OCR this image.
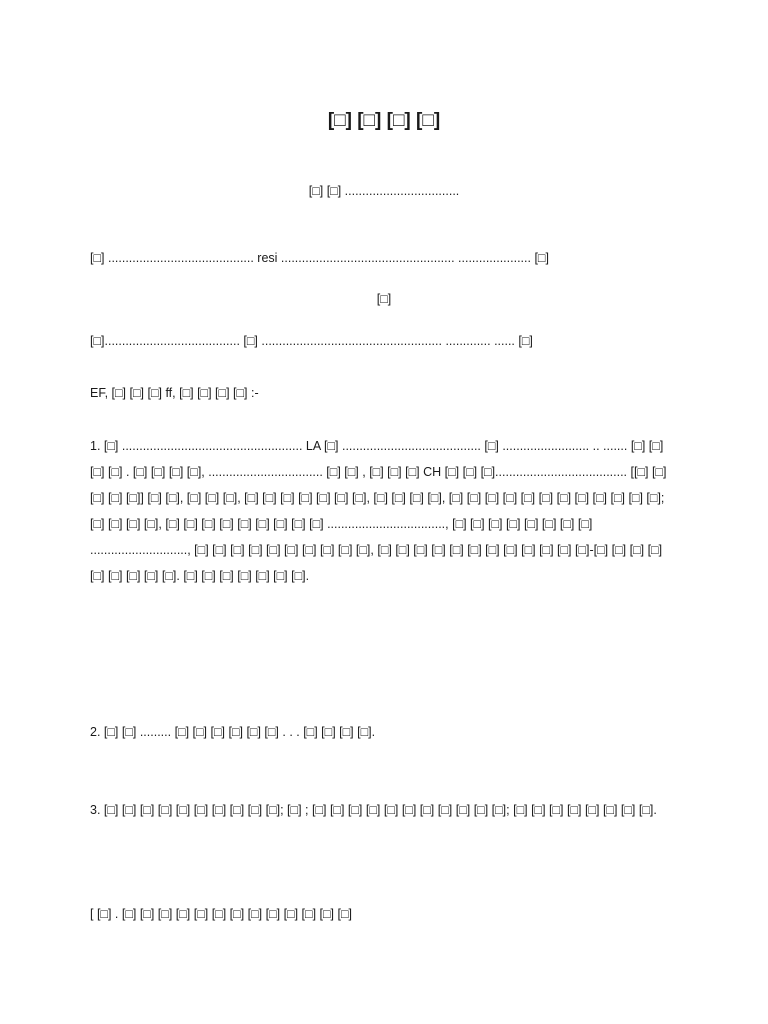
[□] [□] [□] [□]
[□] [□] .................................
[□] .......................................... resi .................................................. ..................... [□]
[□]
[□]....................................... [□] .................................................... ............. ...... [□]
EF, [□] [□] [□] ff, [□] [□] [□] [□] :-

1. [□] .................................................... LA [□] ........................................ [□] ......................... .. ....... [□] [□] [□] [□] . [□] [□] [□] [□], ................................. [□] [□] , [□] [□] [□] CH [□] [□] [□]...................................... [[□] [□] [□] [□] [□]] [□] [□], [□] [□] [□], [□] [□] [□] [□] [□] [□] [□], [□] [□] [□] [□], [□] [□] [□] [□] [□] [□] [□] [□] [□] [□] [□] [□]; [□] [□] [□] [□], [□] [□] [□] [□] [□] [□] [□] [□] [□] .................................., [□] [□] [□] [□] [□] [□] [□] [□] ............................, [□] [□] [□] [□] [□] [□] [□] [□] [□] [□], [□] [□] [□] [□] [□] [□] [□] [□] [□] [□] [□] [□]-[□] [□] [□] [□] [□] [□] [□] [□] [□]. [□] [□] [□] [□] [□] [□] [□].

2. [□] [□] ......... [□] [□] [□] [□] [□] [□] . . . [□] [□] [□] [□].

3. [□] [□] [□] [□] [□] [□] [□] [□] [□] [□]; [□] ; [□] [□] [□] [□] [□] [□] [□] [□] [□] [□] [□]; [□] [□] [□] [□] [□] [□] [□] [□].

[ [□] . [□] [□] [□] [□] [□] [□] [□] [□] [□] [□] [□] [□] [□]
